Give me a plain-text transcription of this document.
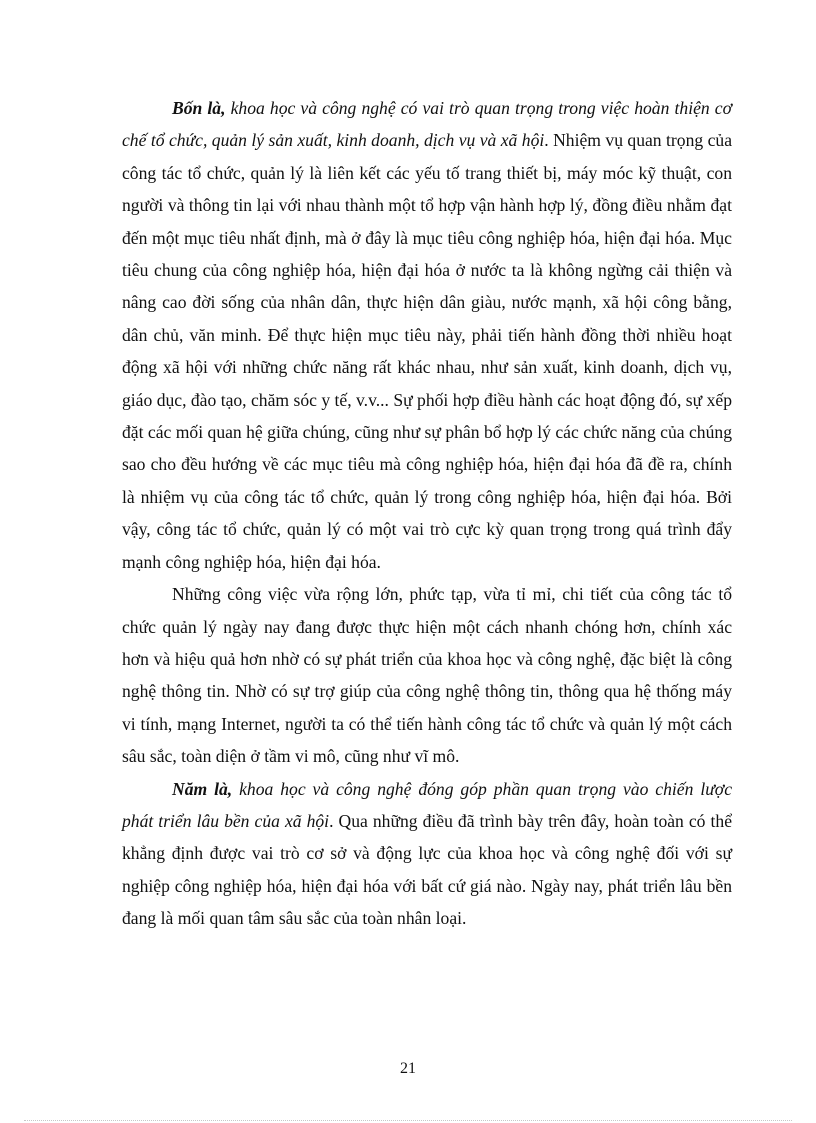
Bốn là, khoa học và công nghệ có vai trò quan trọng trong việc hoàn thiện cơ chế tổ chức, quản lý sản xuất, kinh doanh, dịch vụ và xã hội. Nhiệm vụ quan trọng của công tác tổ chức, quản lý là liên kết các yếu tố trang thiết bị, máy móc kỹ thuật, con người và thông tin lại với nhau thành một tổ hợp vận hành hợp lý, đồng điều nhằm đạt đến một mục tiêu nhất định, mà ở đây là mục tiêu công nghiệp hóa, hiện đại hóa. Mục tiêu chung của công nghiệp hóa, hiện đại hóa ở nước ta là không ngừng cải thiện và nâng cao đời sống của nhân dân, thực hiện dân giàu, nước mạnh, xã hội công bằng, dân chủ, văn minh. Để thực hiện mục tiêu này, phải tiến hành đồng thời nhiều hoạt động xã hội với những chức năng rất khác nhau, như sản xuất, kinh doanh, dịch vụ, giáo dục, đào tạo, chăm sóc y tế, v.v... Sự phối hợp điều hành các hoạt động đó, sự xếp đặt các mối quan hệ giữa chúng, cũng như sự phân bổ hợp lý các chức năng của chúng sao cho đều hướng về các mục tiêu mà công nghiệp hóa, hiện đại hóa đã đề ra, chính là nhiệm vụ của công tác tổ chức, quản lý trong công nghiệp hóa, hiện đại hóa. Bởi vậy, công tác tổ chức, quản lý có một vai trò cực kỳ quan trọng trong quá trình đẩy mạnh công nghiệp hóa, hiện đại hóa.

Những công việc vừa rộng lớn, phức tạp, vừa tỉ mỉ, chi tiết của công tác tổ chức quản lý ngày nay đang được thực hiện một cách nhanh chóng hơn, chính xác hơn và hiệu quả hơn nhờ có sự phát triển của khoa học và công nghệ, đặc biệt là công nghệ thông tin. Nhờ có sự trợ giúp của công nghệ thông tin, thông qua hệ thống máy vi tính, mạng Internet, người ta có thể tiến hành công tác tổ chức và quản lý một cách sâu sắc, toàn diện ở tầm vi mô, cũng như vĩ mô.

Năm là, khoa học và công nghệ đóng góp phần quan trọng vào chiến lược phát triển lâu bền của xã hội. Qua những điều đã trình bày trên đây, hoàn toàn có thể khẳng định được vai trò cơ sở và động lực của khoa học và công nghệ đối với sự nghiệp công nghiệp hóa, hiện đại hóa với bất cứ giá nào. Ngày nay, phát triển lâu bền đang là mối quan tâm sâu sắc của toàn nhân loại.

21
